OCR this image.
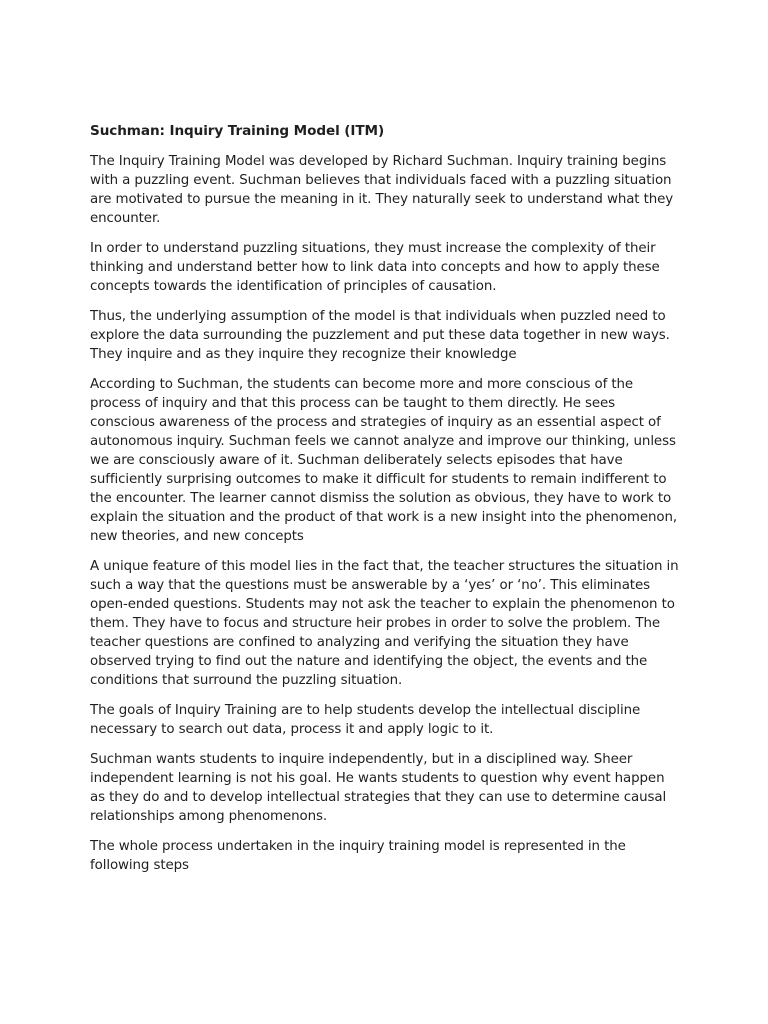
Suchman: Inquiry Training Model (ITM)

The Inquiry Training Model was developed by Richard Suchman. Inquiry training begins with a puzzling event. Suchman believes that individuals faced with a puzzling situation are motivated to pursue the meaning in it. They naturally seek to understand what they encounter.

In order to understand puzzling situations, they must increase the complexity of their thinking and understand better how to link data into concepts and how to apply these concepts towards the identification of principles of causation.

Thus, the underlying assumption of the model is that individuals when puzzled need to explore the data surrounding the puzzlement and put these data together in new ways. They inquire and as they inquire they recognize their knowledge

According to Suchman, the students can become more and more conscious of the process of inquiry and that this process can be taught to them directly. He sees conscious awareness of the process and strategies of inquiry as an essential aspect of autonomous inquiry. Suchman feels we cannot analyze and improve our thinking, unless we are consciously aware of it. Suchman deliberately selects episodes that have sufficiently surprising outcomes to make it difficult for students to remain indifferent to the encounter. The learner cannot dismiss the solution as obvious, they have to work to explain the situation and the product of that work is a new insight into the phenomenon, new theories, and new concepts

A unique feature of this model lies in the fact that, the teacher structures the situation in such a way that the questions must be answerable by a ‘yes’ or ‘no’. This eliminates open-ended questions. Students may not ask the teacher to explain the phenomenon to them. They have to focus and structure heir probes in order to solve the problem. The teacher questions are confined to analyzing and verifying the situation they have observed trying to find out the nature and identifying the object, the events and the conditions that surround the puzzling situation.

The goals of Inquiry Training are to help students develop the intellectual discipline necessary to search out data, process it and apply logic to it.

Suchman wants students to inquire independently, but in a disciplined way. Sheer independent learning is not his goal. He wants students to question why event happen as they do and to develop intellectual strategies that they can use to determine causal relationships among phenomenons.

The whole process undertaken in the inquiry training model is represented in the following steps
